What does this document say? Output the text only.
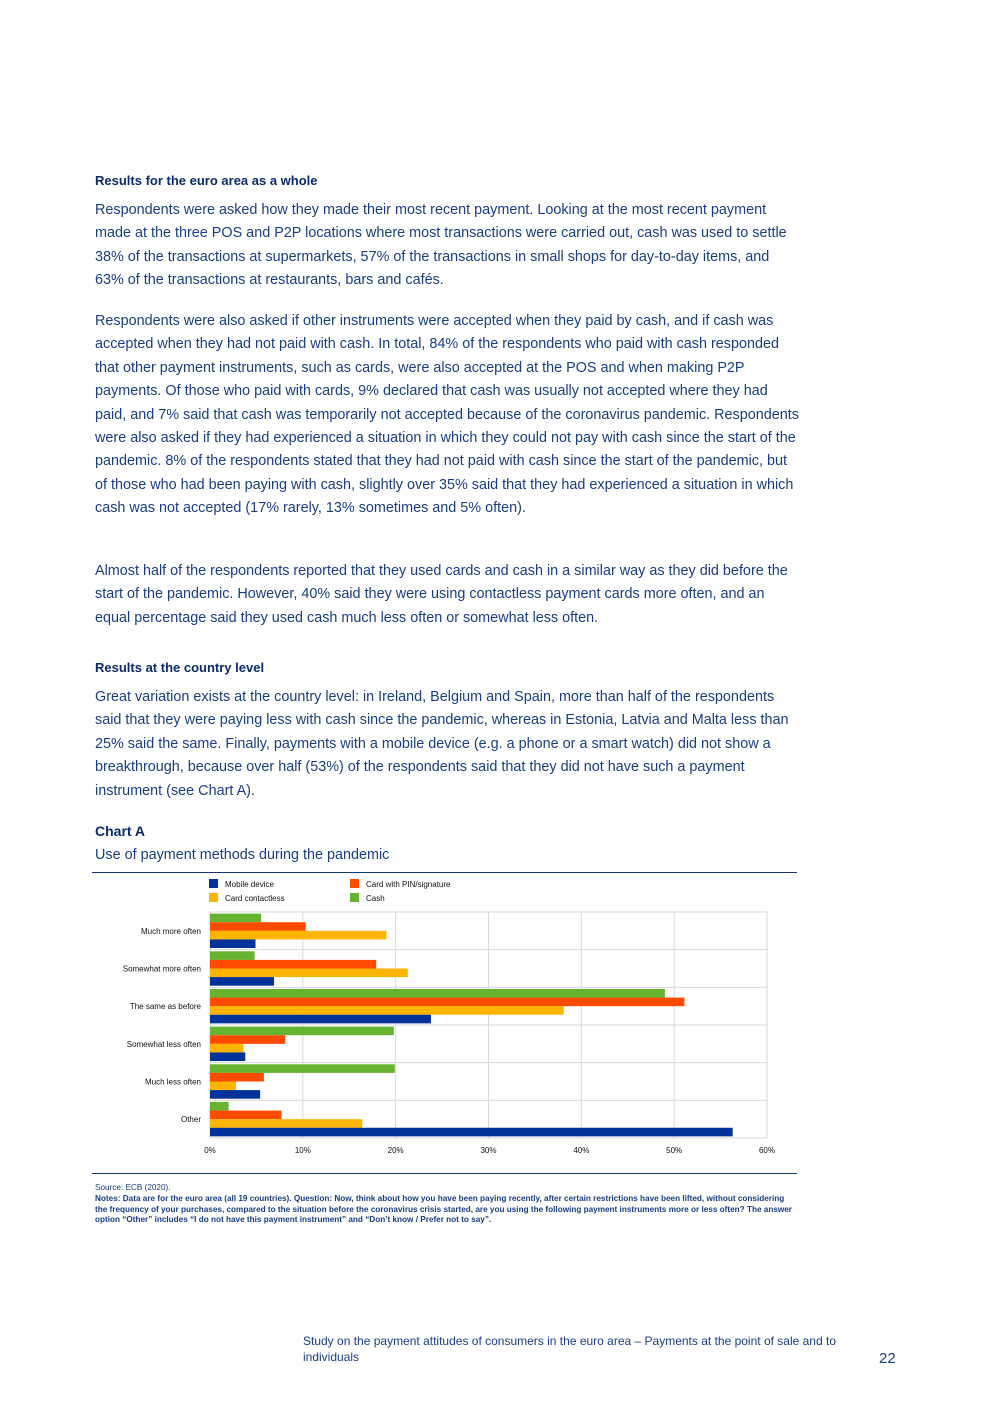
Results for the euro area as a whole

Respondents were asked how they made their most recent payment. Looking at the most recent payment made at the three POS and P2P locations where most transactions were carried out, cash was used to settle 38% of the transactions at supermarkets, 57% of the transactions in small shops for day-to-day items, and 63% of the transactions at restaurants, bars and cafés.

Respondents were also asked if other instruments were accepted when they paid by cash, and if cash was accepted when they had not paid with cash. In total, 84% of the respondents who paid with cash responded that other payment instruments, such as cards, were also accepted at the POS and when making P2P payments. Of those who paid with cards, 9% declared that cash was usually not accepted where they had paid, and 7% said that cash was temporarily not accepted because of the coronavirus pandemic. Respondents were also asked if they had experienced a situation in which they could not pay with cash since the start of the pandemic. 8% of the respondents stated that they had not paid with cash since the start of the pandemic, but of those who had been paying with cash, slightly over 35% said that they had experienced a situation in which cash was not accepted (17% rarely, 13% sometimes and 5% often).

Almost half of the respondents reported that they used cards and cash in a similar way as they did before the start of the pandemic. However, 40% said they were using contactless payment cards more often, and an equal percentage said they used cash much less often or somewhat less often.

Results at the country level

Great variation exists at the country level: in Ireland, Belgium and Spain, more than half of the respondents said that they were paying less with cash since the pandemic, whereas in Estonia, Latvia and Malta less than 25% said the same. Finally, payments with a mobile device (e.g. a phone or a smart watch) did not show a breakthrough, because over half (53%) of the respondents said that they did not have such a payment instrument (see Chart A).

Chart A
Use of payment methods during the pandemic
0%	10%	20%	30%	40%	50%	60%
Much more often
Somewhat more often
The same as before
Somewhat less often
Much less often
Other
Mobile device	Card with PIN/signature
Card contactless	Cash
Source: ECB (2020).
Notes: Data are for the euro area (all 19 countries). Question: Now, think about how you have been paying recently, after certain restrictions have been lifted, without considering the frequency of your purchases, compared to the situation before the coronavirus crisis started, are you using the following payment instruments more or less often? The answer option “Other” includes “I do not have this payment instrument” and “Don’t know / Prefer not to say”.
Study on the payment attitudes of consumers in the euro area – Payments at the point of sale and to individuals	22
